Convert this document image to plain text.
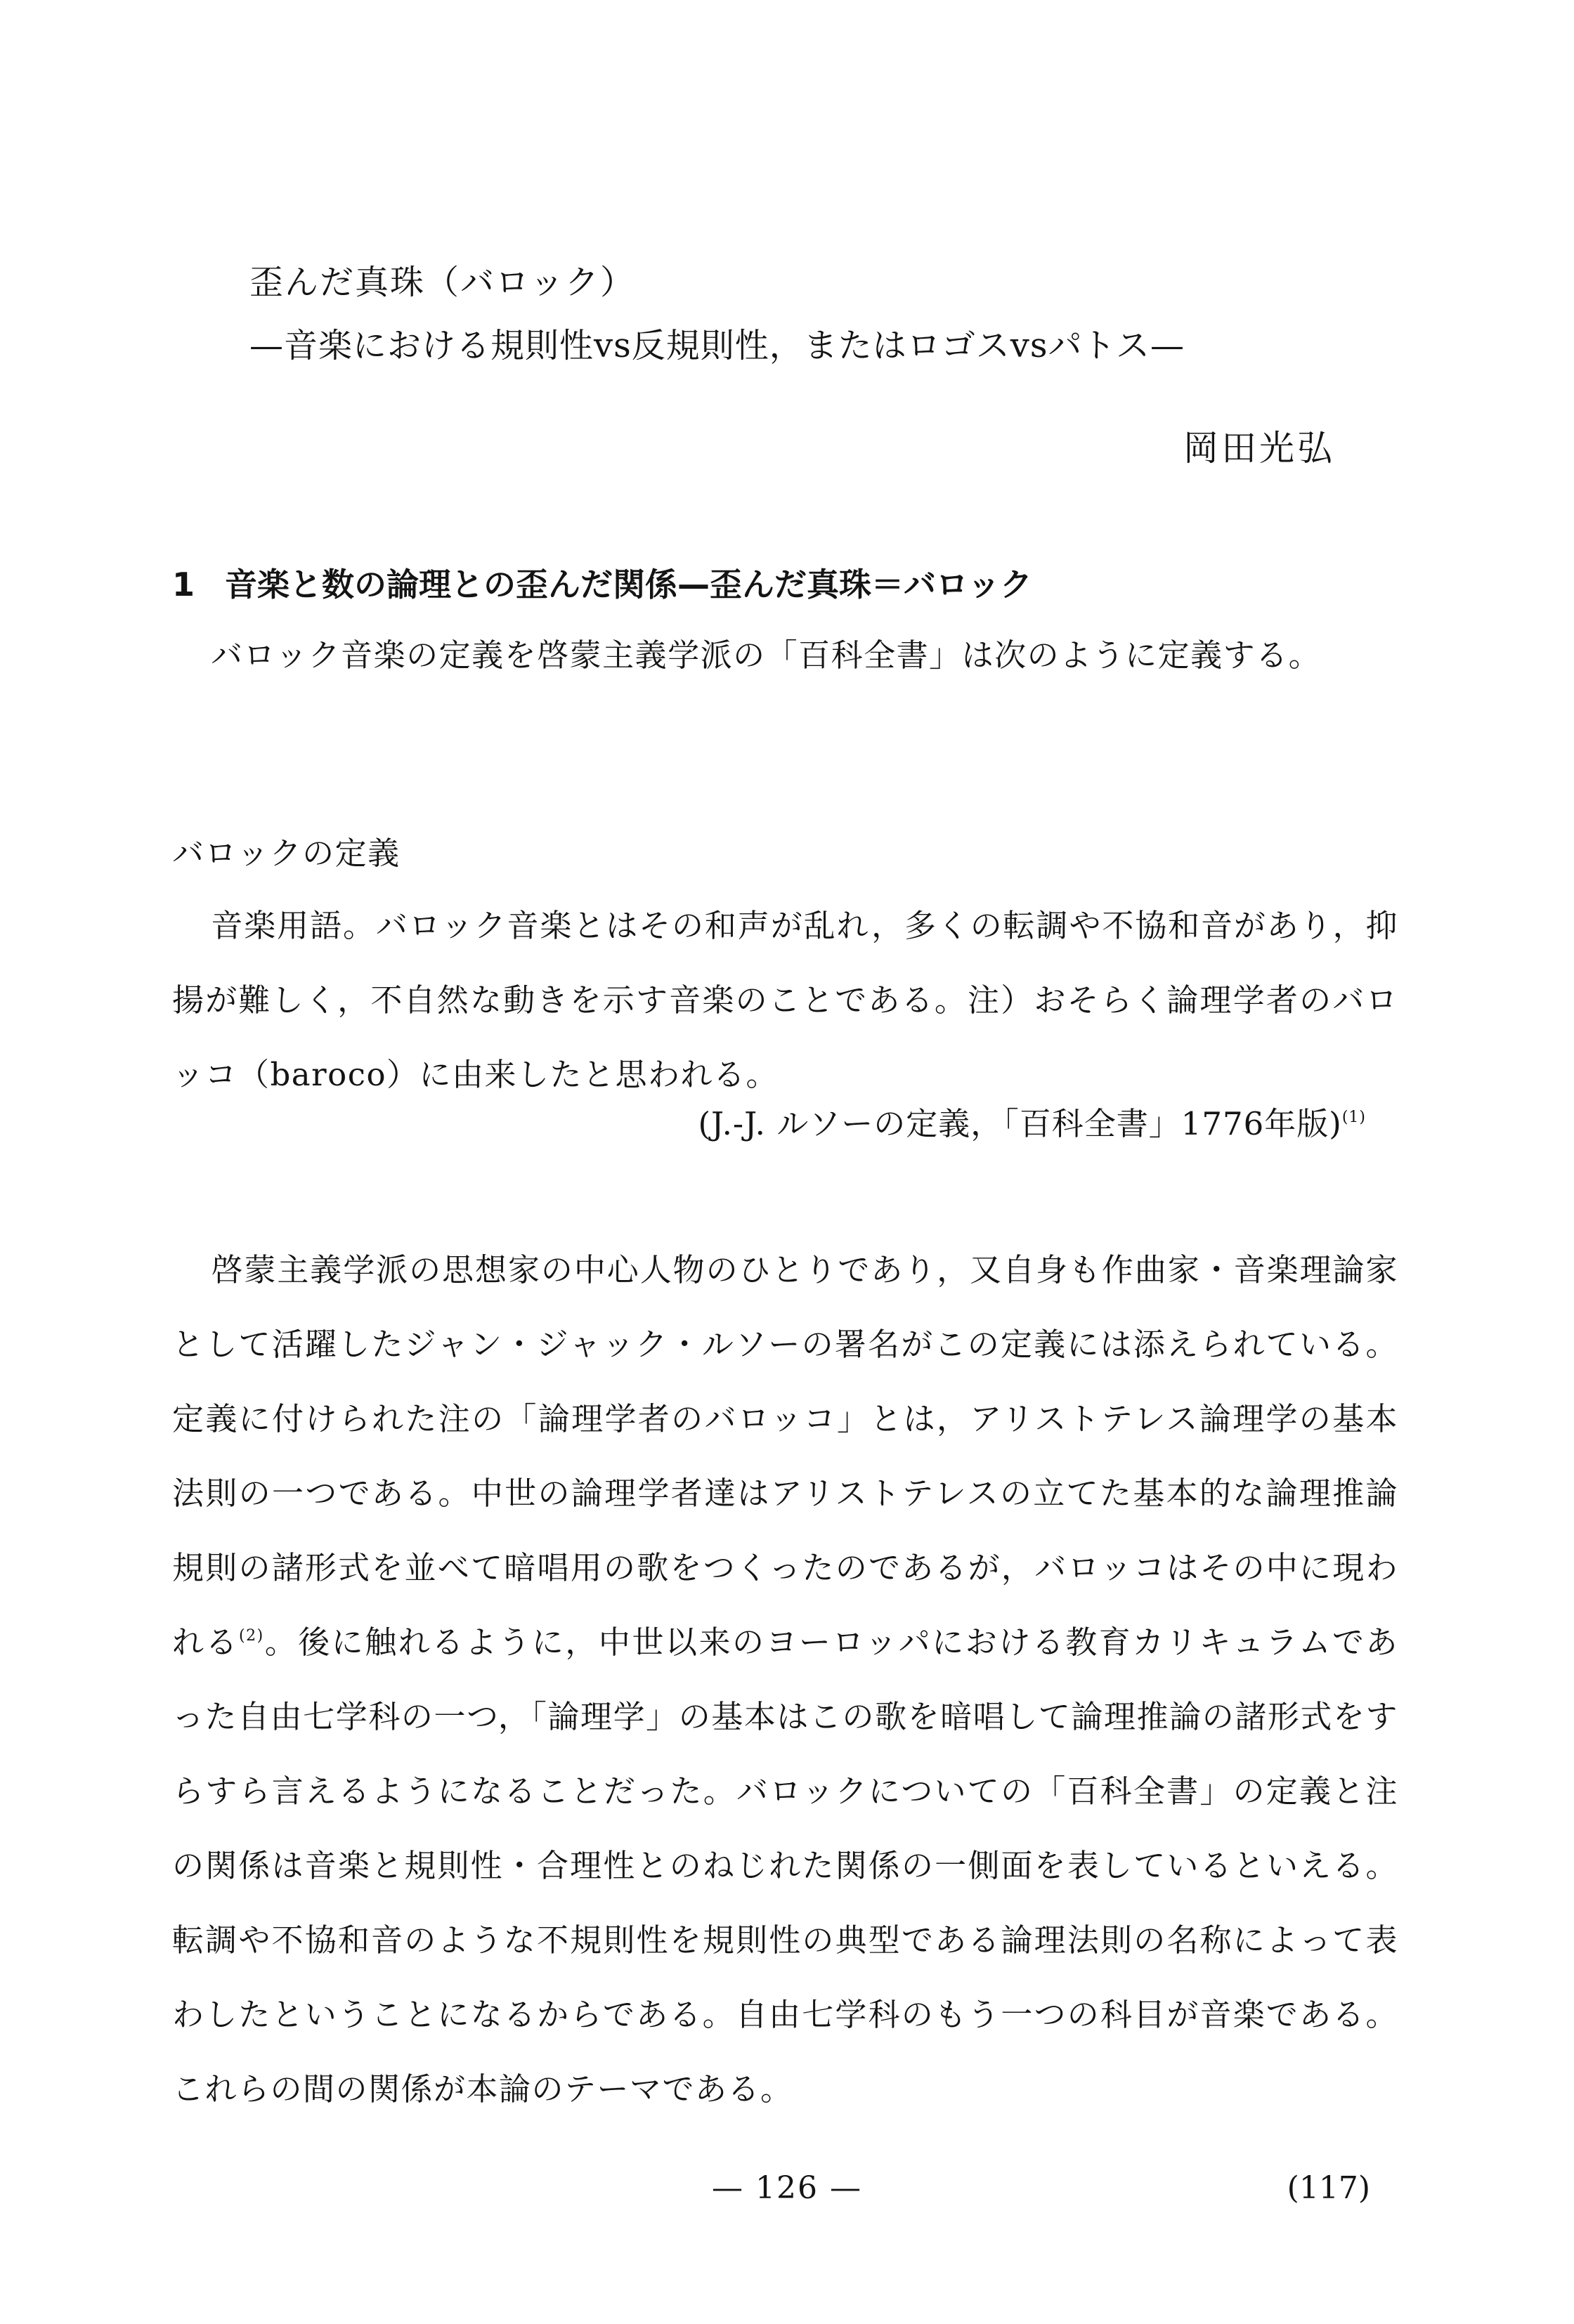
歪んだ真珠（バロック）
—音楽における規則性vs反規則性，またはロゴスvsパトス—
岡田光弘
1 音楽と数の論理との歪んだ関係—歪んだ真珠＝バロック

バロック音楽の定義を啓蒙主義学派の「百科全書」は次のように定義する。

バロックの定義

音楽用語。バロック音楽とはその和声が乱れ，多くの転調や不協和音があり，抑揚が難しく，不自然な動きを示す音楽のことである。注）おそらく論理学者のバロッコ（baroco）に由来したと思われる。

(J.-J. ルソーの定義，「百科全書」1776年版)$^{(1)}$

啓蒙主義学派の思想家の中心人物のひとりであり，又自身も作曲家・音楽理論家として活躍したジャン・ジャック・ルソーの署名がこの定義には添えられている。定義に付けられた注の「論理学者のバロッコ」とは，アリストテレス論理学の基本法則の一つである。中世の論理学者達はアリストテレスの立てた基本的な論理推論規則の諸形式を並べて暗唱用の歌をつくったのであるが，バロッコはその中に現われる$^{(2)}$。後に触れるように，中世以来のヨーロッパにおける教育カリキュラムであった自由七学科の一つ，「論理学」の基本はこの歌を暗唱して論理推論の諸形式をすらすら言えるようになることだった。バロックについての「百科全書」の定義と注の関係は音楽と規則性・合理性とのねじれた関係の一側面を表しているといえる。転調や不協和音のような不規則性を規則性の典型である論理法則の名称によって表わしたということになるからである。自由七学科のもう一つの科目が音楽である。これらの間の関係が本論のテーマである。

— 126 —	(117)
